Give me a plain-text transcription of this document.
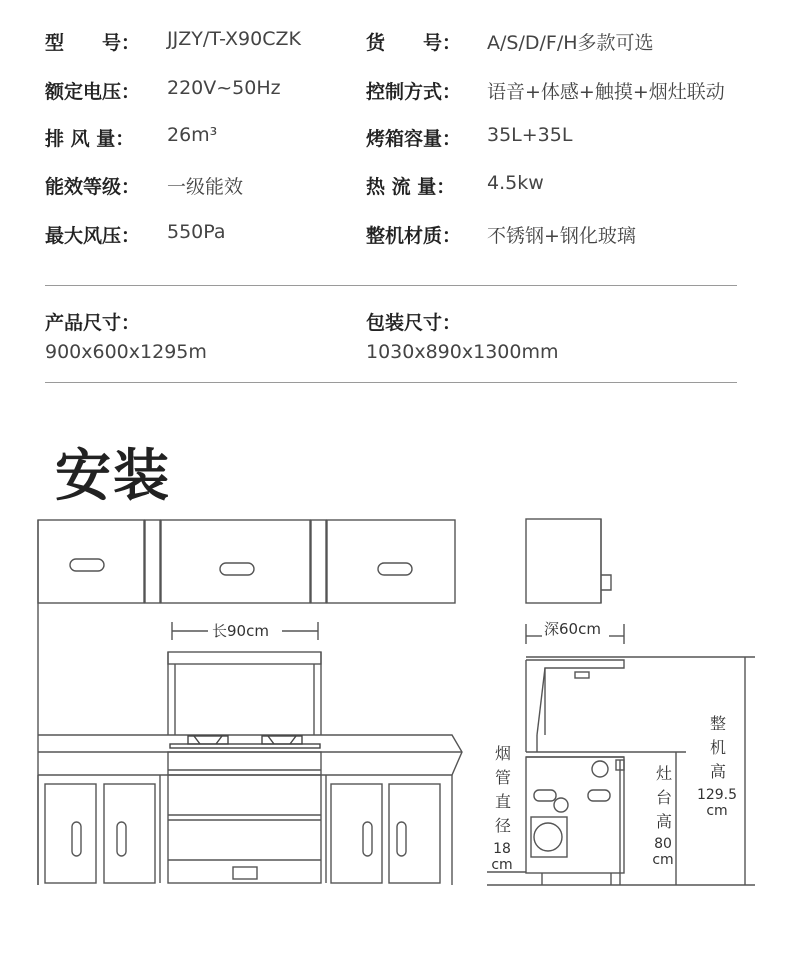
型　　号： JJZY/T-X90CZK
额定电压： 220V~50Hz
排 风 量： 26m³
能效等级： 一级能效
最大风压： 550Pa
货　　号： A/S/D/F/H多款可选
控制方式： 语音+体感+触摸+烟灶联动
烤箱容量： 35L+35L
热 流 量： 4.5kw
整机材质： 不锈钢+钢化玻璃
产品尺寸：
900x600x1295m
包装尺寸：
1030x890x1300mm
安装
长90cm	深60cm
烟
管
直
径
18
cm
灶
台
高
80
cm
整
机
高
129.5
cm
